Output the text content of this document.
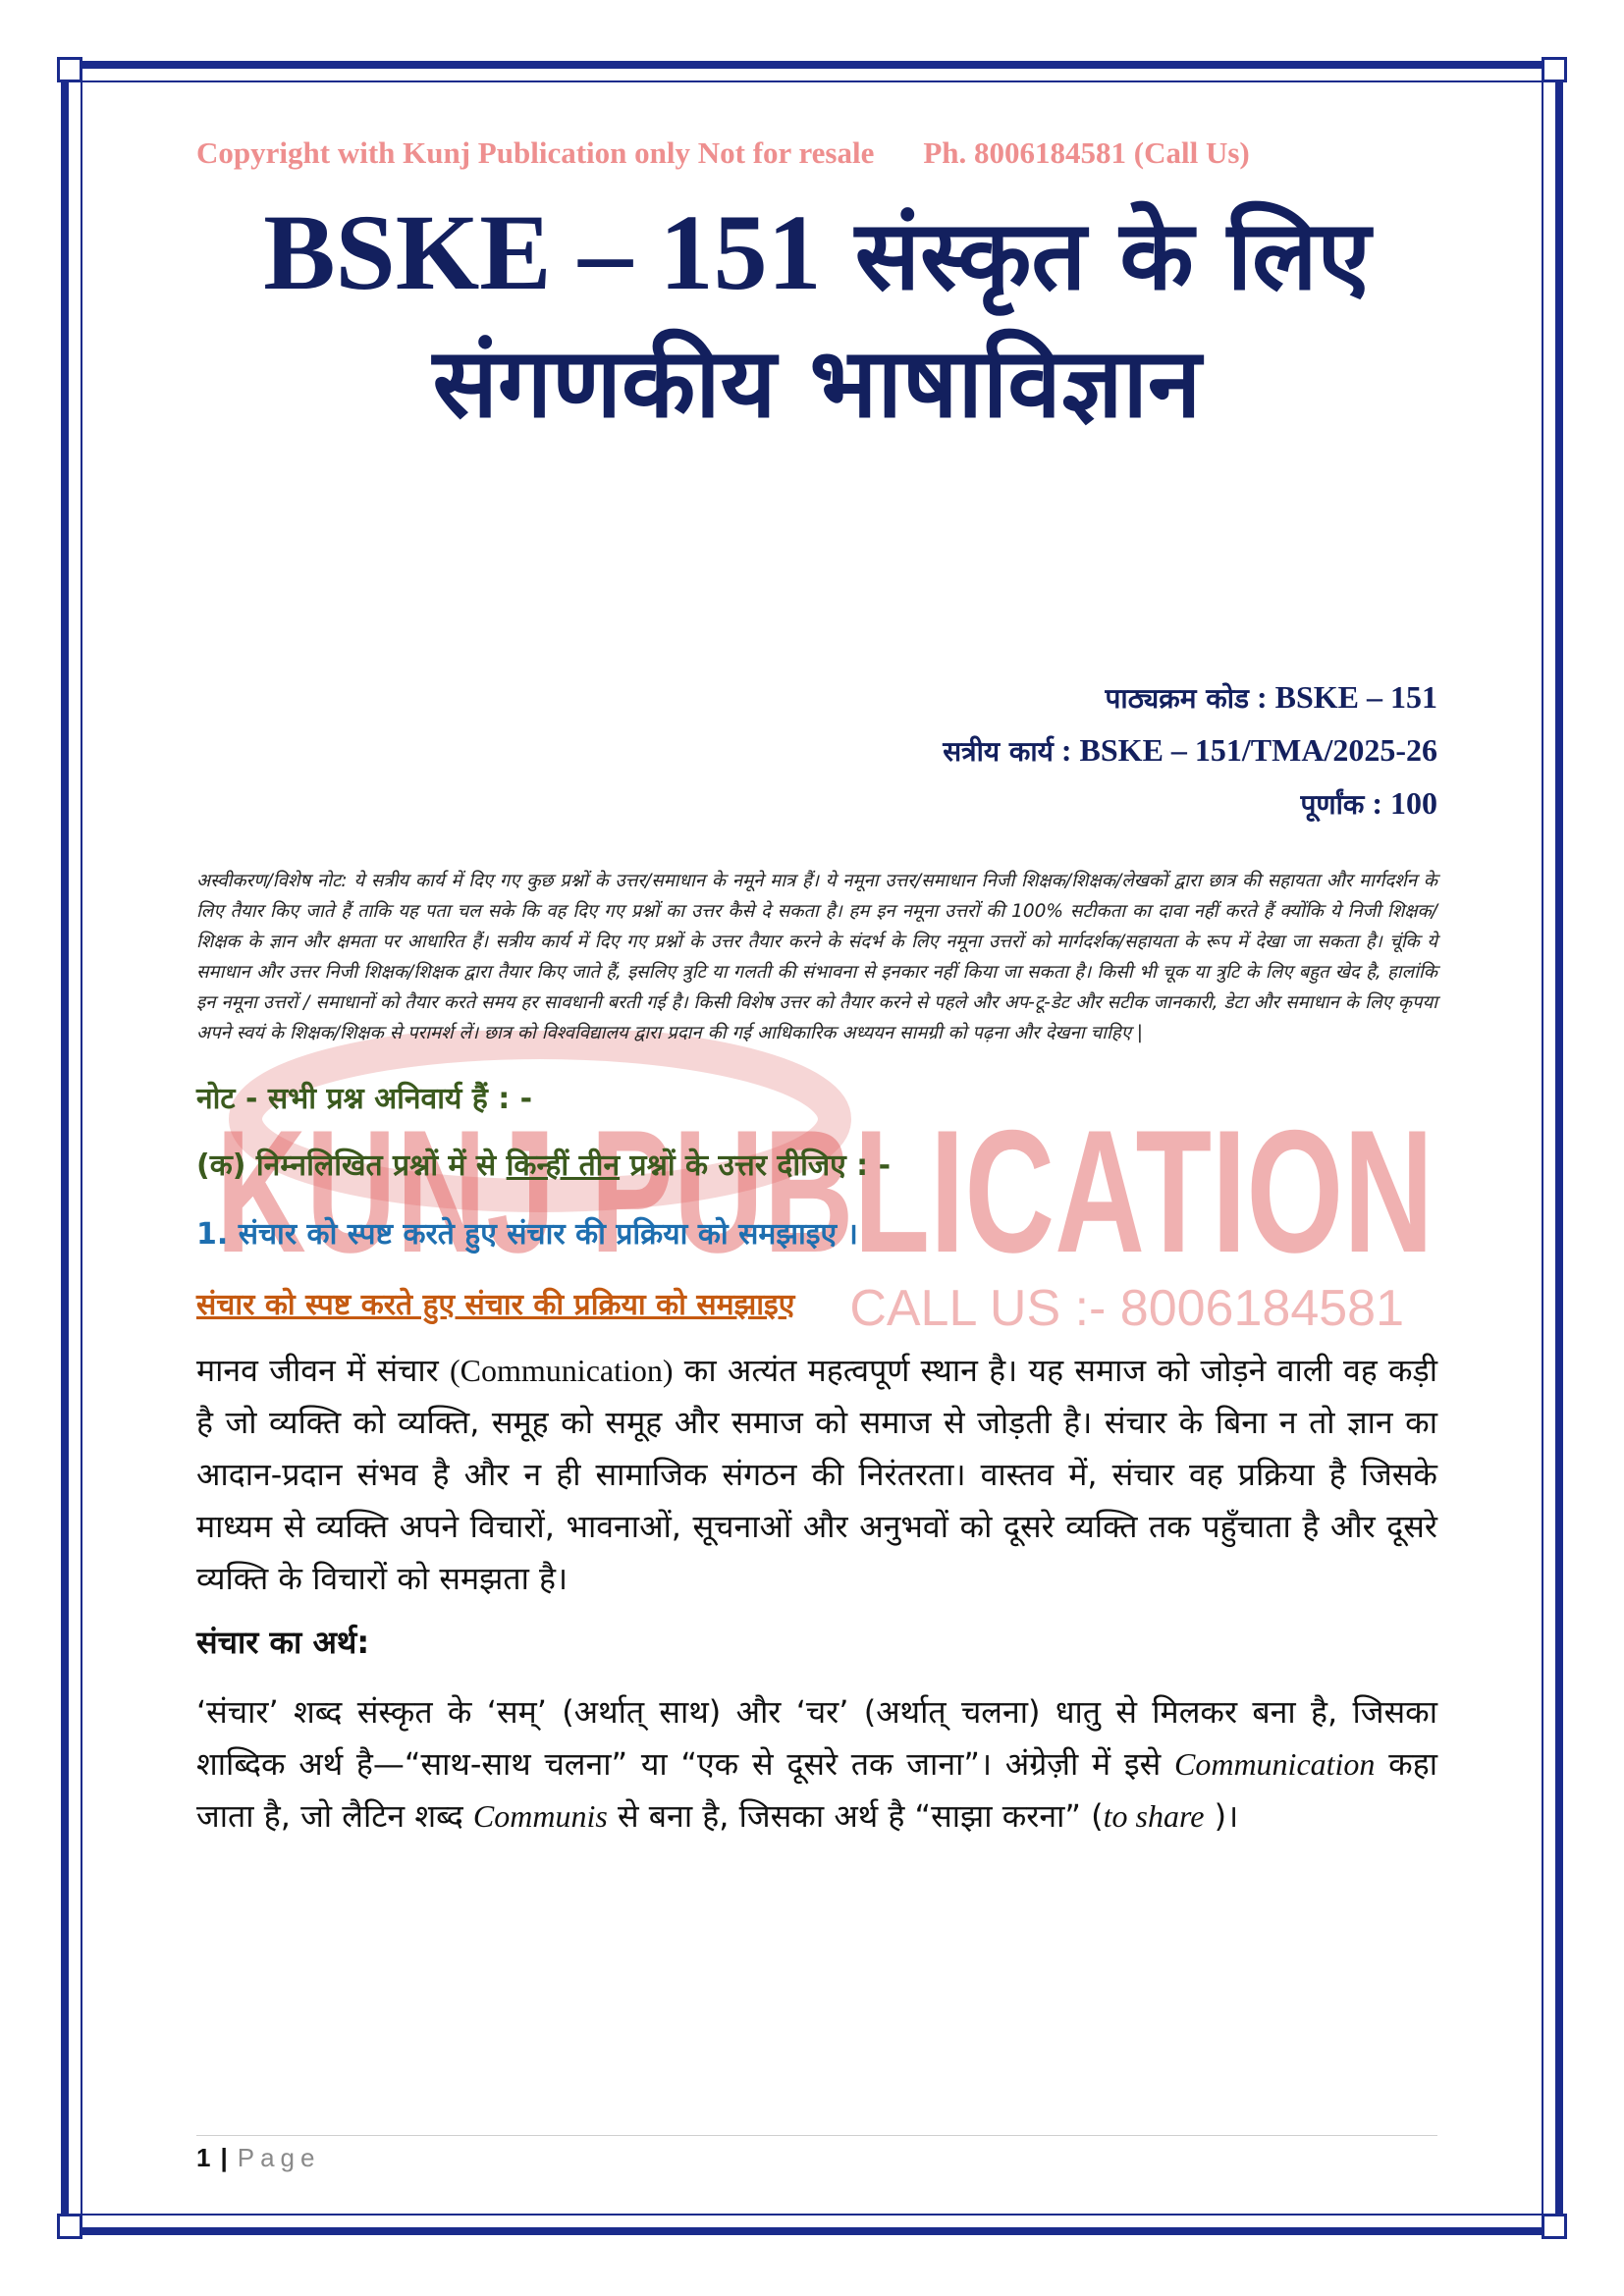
KUNJ PUBLICATION
CALL US :- 8006184581
Copyright with Kunj Publication only Not for resale Ph. 8006184581 (Call Us)
BSKE – 151 संस्कृत के लिए
संगणकीय भाषाविज्ञान
पाठ्यक्रम कोड : BSKE – 151
सत्रीय कार्य : BSKE – 151/TMA/2025-26
पूर्णांक : 100
अस्वीकरण/विशेष नोट: ये सत्रीय कार्य में दिए गए कुछ प्रश्नों के उत्तर/समाधान के नमूने मात्र हैं। ये नमूना उत्तर/समाधान निजी शिक्षक/शिक्षक/लेखकों द्वारा छात्र की सहायता और मार्गदर्शन के लिए तैयार किए जाते हैं ताकि यह पता चल सके कि वह दिए गए प्रश्नों का उत्तर कैसे दे सकता है। हम इन नमूना उत्तरों की 100% सटीकता का दावा नहीं करते हैं क्योंकि ये निजी शिक्षक/शिक्षक के ज्ञान और क्षमता पर आधारित हैं। सत्रीय कार्य में दिए गए प्रश्नों के उत्तर तैयार करने के संदर्भ के लिए नमूना उत्तरों को मार्गदर्शक/सहायता के रूप में देखा जा सकता है। चूंकि ये समाधान और उत्तर निजी शिक्षक/शिक्षक द्वारा तैयार किए जाते हैं, इसलिए त्रुटि या गलती की संभावना से इनकार नहीं किया जा सकता है। किसी भी चूक या त्रुटि के लिए बहुत खेद है, हालांकि इन नमूना उत्तरों / समाधानों को तैयार करते समय हर सावधानी बरती गई है। किसी विशेष उत्तर को तैयार करने से पहले और अप-टू-डेट और सटीक जानकारी, डेटा और समाधान के लिए कृपया अपने स्वयं के शिक्षक/शिक्षक से परामर्श लें। छात्र को विश्वविद्यालय द्वारा प्रदान की गई आधिकारिक अध्ययन सामग्री को पढ़ना और देखना चाहिए |
नोट - सभी प्रश्न अनिवार्य हैं : -
(क) निम्नलिखित प्रश्नों में से किन्हीं तीन प्रश्नों के उत्तर दीजिए : -
1. संचार को स्पष्ट करते हुए संचार की प्रक्रिया को समझाइए ।
संचार को स्पष्ट करते हुए संचार की प्रक्रिया को समझाइए
मानव जीवन में संचार (Communication) का अत्यंत महत्वपूर्ण स्थान है। यह समाज को जोड़ने वाली वह कड़ी है जो व्यक्ति को व्यक्ति, समूह को समूह और समाज को समाज से जोड़ती है। संचार के बिना न तो ज्ञान का आदान-प्रदान संभव है और न ही सामाजिक संगठन की निरंतरता। वास्तव में, संचार वह प्रक्रिया है जिसके माध्यम से व्यक्ति अपने विचारों, भावनाओं, सूचनाओं और अनुभवों को दूसरे व्यक्ति तक पहुँचाता है और दूसरे व्यक्ति के विचारों को समझता है।
संचार का अर्थ:
‘संचार’ शब्द संस्कृत के ‘सम्’ (अर्थात् साथ) और ‘चर’ (अर्थात् चलना) धातु से मिलकर बना है, जिसका शाब्दिक अर्थ है—“साथ-साथ चलना” या “एक से दूसरे तक जाना”। अंग्रेज़ी में इसे Communication कहा जाता है, जो लैटिन शब्द Communis से बना है, जिसका अर्थ है “साझा करना” (to share )।
1 | Page
